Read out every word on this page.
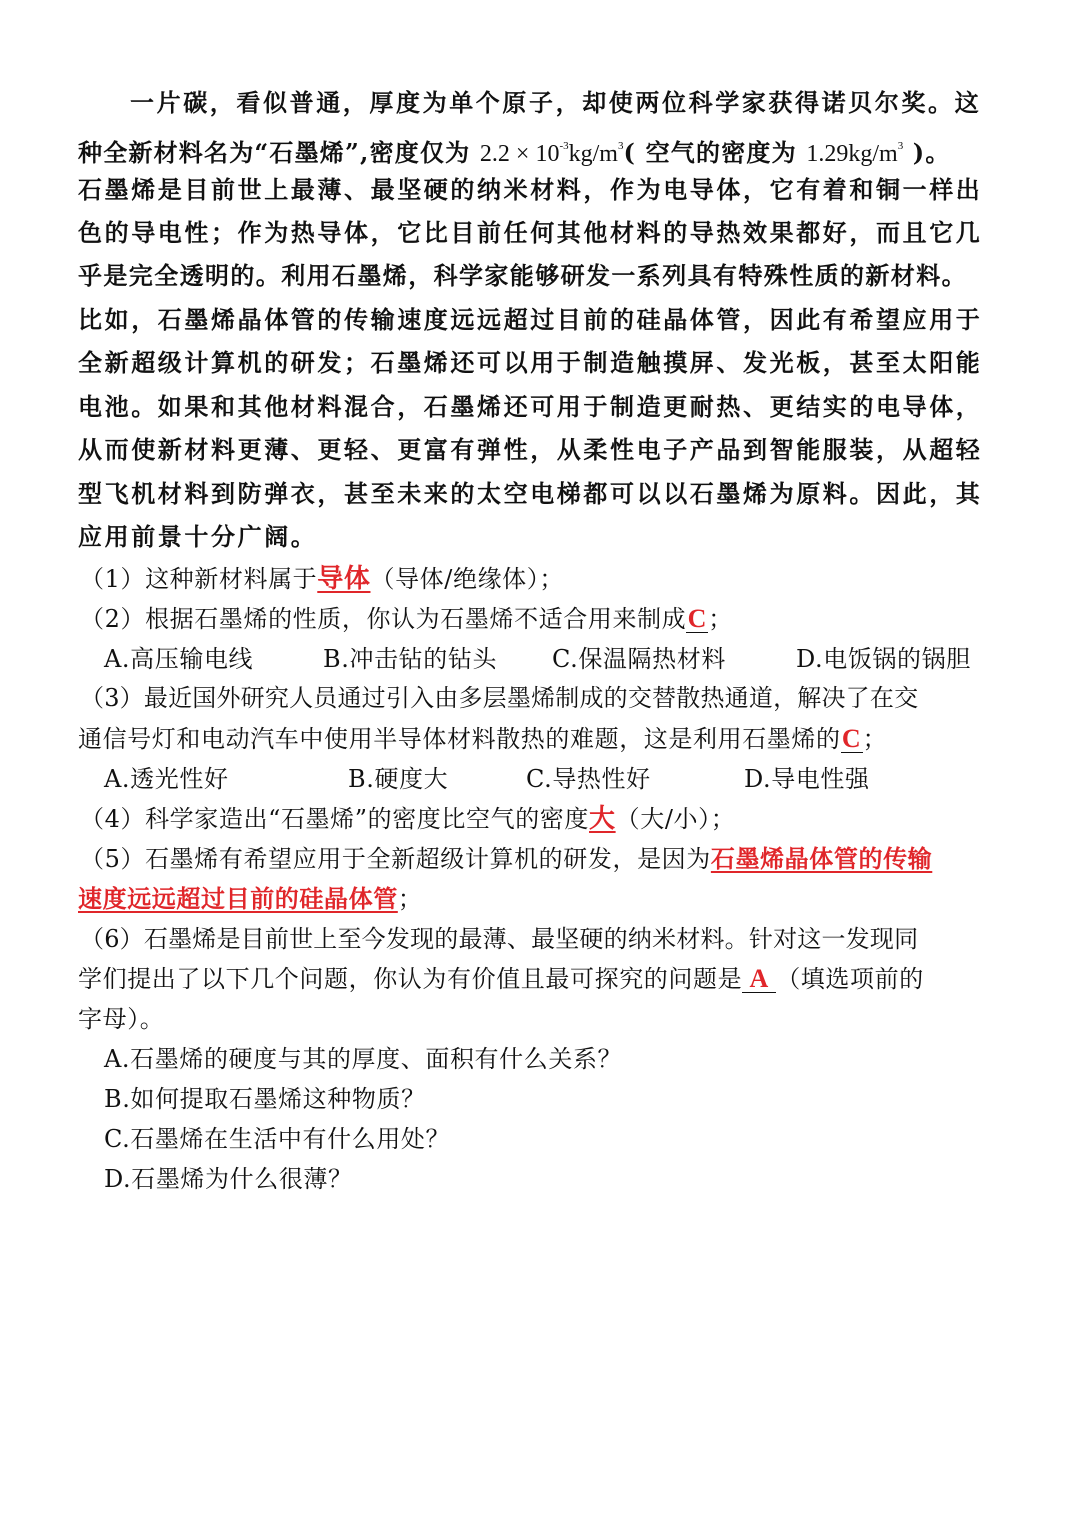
一片碳，看似普通，厚度为单个原子，却使两位科学家获得诺贝尔奖。这
种全新材料名为“石墨烯”,密度仅为 $2.2 \times 10^{-3}kg/m^3$( 空气的密度为 $1.29kg/m^3$ )。
石墨烯是目前世上最薄、最坚硬的纳米材料，作为电导体，它有着和铜一样出
色的导电性；作为热导体，它比目前任何其他材料的导热效果都好，而且它几
乎是完全透明的。利用石墨烯，科学家能够研发一系列具有特殊性质的新材料。
比如，石墨烯晶体管的传输速度远远超过目前的硅晶体管，因此有希望应用于
全新超级计算机的研发；石墨烯还可以用于制造触摸屏、发光板，甚至太阳能
电池。如果和其他材料混合，石墨烯还可用于制造更耐热、更结实的电导体，
从而使新材料更薄、更轻、更富有弹性，从柔性电子产品到智能服装，从超轻
型飞机材料到防弹衣，甚至未来的太空电梯都可以以石墨烯为原料。因此，其
应用前景十分广阔。
（1）这种新材料属于导体（导体/绝缘体）；
（2）根据石墨烯的性质，你认为石墨烯不适合用来制成C；
A.高压输电线	B.冲击钻的钻头 C.保温隔热材料	D.电饭锅的锅胆
（3）最近国外研究人员通过引入由多层墨烯制成的交替散热通道，解决了在交
通信号灯和电动汽车中使用半导体材料散热的难题，这是利用石墨烯的C；
A.透光性好	B.硬度大	C.导热性好	D.导电性强
（4）科学家造出“石墨烯”的密度比空气的密度大（大/小）；
（5）石墨烯有希望应用于全新超级计算机的研发，是因为石墨烯晶体管的传输
速度远远超过目前的硅晶体管；
（6）石墨烯是目前世上至今发现的最薄、最坚硬的纳米材料。针对这一发现同
学们提出了以下几个问题，你认为有价值且最可探究的问题是 A （填选项前的
字母）。
A.石墨烯的硬度与其的厚度、面积有什么关系？
B.如何提取石墨烯这种物质？
C.石墨烯在生活中有什么用处？
D.石墨烯为什么很薄？
